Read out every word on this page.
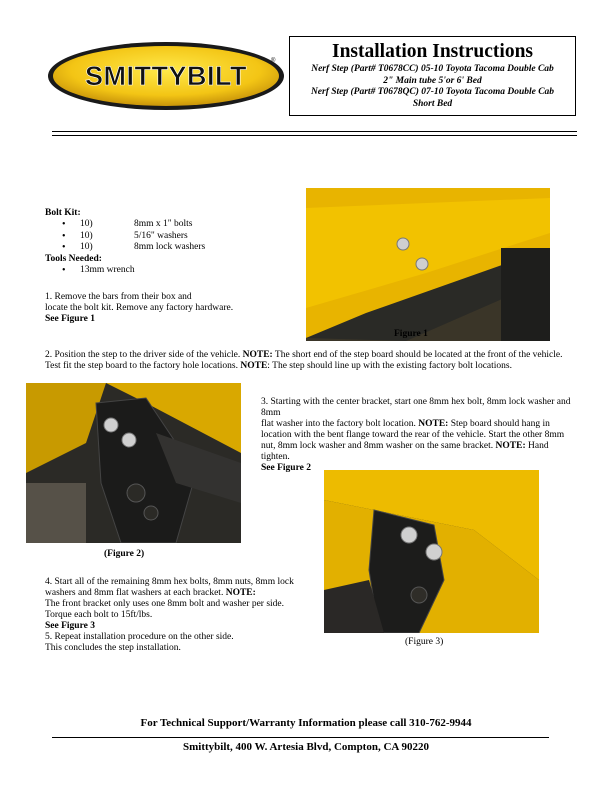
SMITTYBILT	®	Installation Instructions
Nerf Step (Part# T0678CC) 05-10 Toyota Tacoma Double Cab
2" Main tube 5'or 6' Bed
Nerf Step (Part# T0678QC) 07-10 Toyota Tacoma Double Cab
Short Bed
Bolt Kit:
• 10)	8mm x 1" bolts
• 10)	5/16" washers
• 10)	8mm lock washers
Tools Needed:
• 13mm wrench
1. Remove the bars from their box and
locate the bolt kit. Remove any factory hardware.
See Figure 1
Figure 1
2. Position the step to the driver side of the vehicle. NOTE: The short end of the step board should be located at the front of the vehicle. Test fit the step board to the factory hole locations. NOTE: The step should line up with the existing factory bolt locations.
(Figure 2)
3. Starting with the center bracket, start one 8mm hex bolt, 8mm lock washer and 8mm
flat washer into the factory bolt location. NOTE: Step board should hang in location with the bent flange toward the rear of the vehicle. Start the other 8mm nut, 8mm lock washer and 8mm washer on the same bracket. NOTE: Hand tighten.
See Figure 2
(Figure 3)
4. Start all of the remaining 8mm hex bolts, 8mm nuts, 8mm lock washers and 8mm flat washers at each bracket. NOTE:
The front bracket only uses one 8mm bolt and washer per side. Torque each bolt to 15ft/lbs.
See Figure 3
5. Repeat installation procedure on the other side.
This concludes the step installation.
For Technical Support/Warranty Information please call 310-762-9944
Smittybilt, 400 W. Artesia Blvd, Compton, CA 90220
